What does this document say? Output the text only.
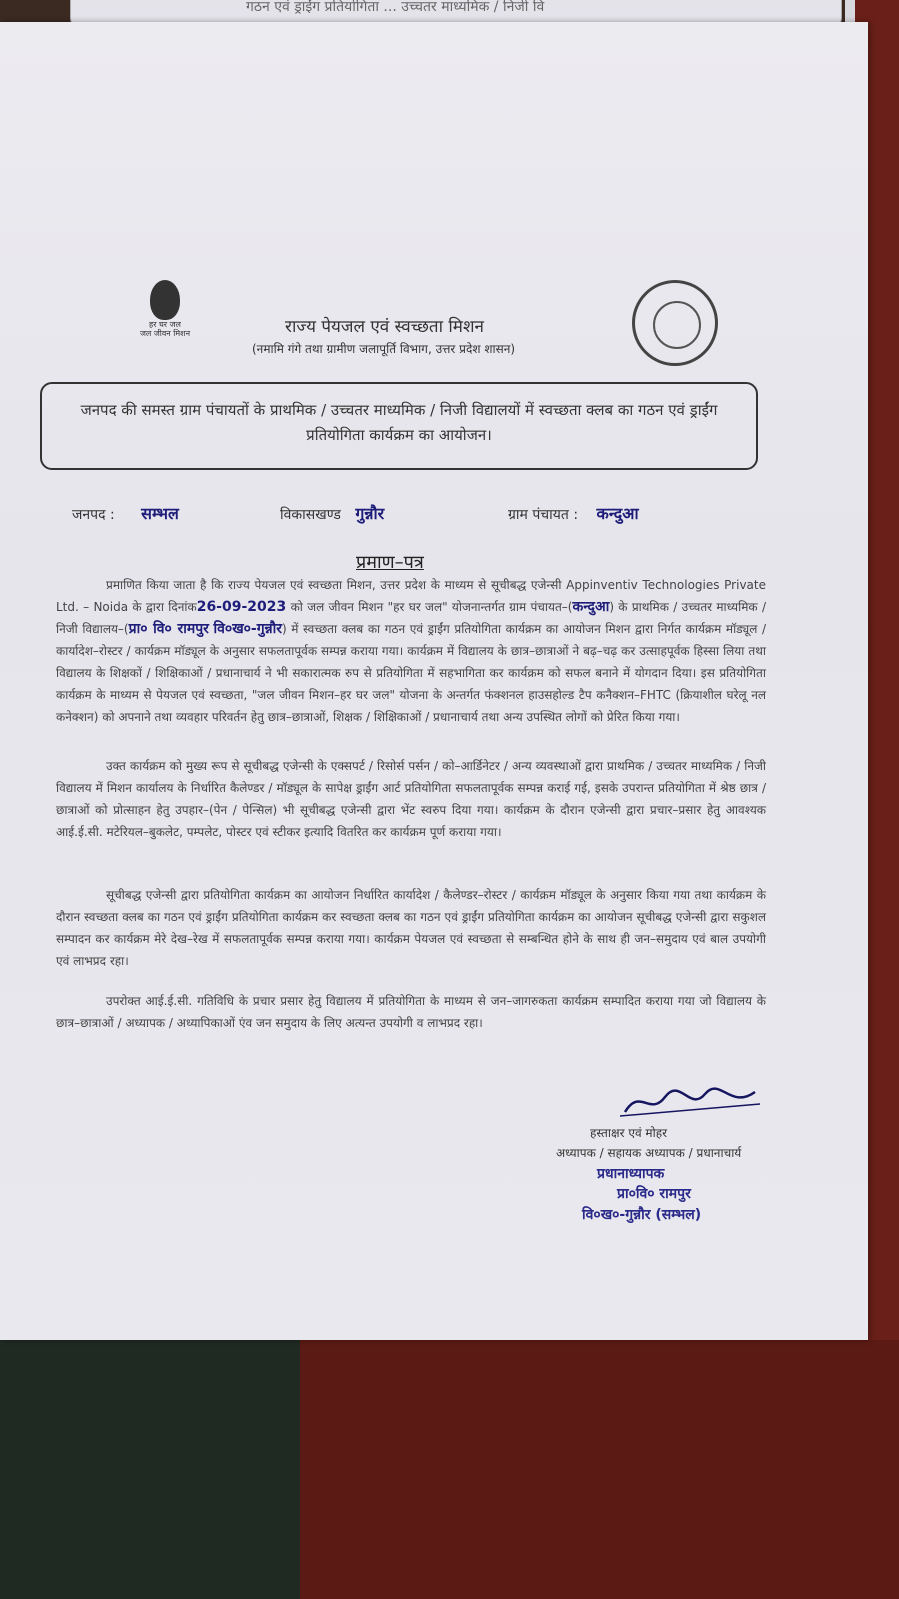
गठन एवं ड्राईंग प्रतियोगिता ... उच्चतर माध्यमिक / निजी वि
हर घर जल
जल जीवन मिशन	राज्य पेयजल एवं स्वच्छता मिशन
(नमामि गंगे तथा ग्रामीण जलापूर्ति विभाग, उत्तर प्रदेश शासन)
जनपद की समस्त ग्राम पंचायतों के प्राथमिक / उच्चतर माध्यमिक / निजी विद्यालयों में स्वच्छता क्लब का गठन एवं ड्राईंग प्रतियोगिता कार्यक्रम का आयोजन।
जनपद : सम्भल	विकासखण्ड गुन्नौर	ग्राम पंचायत : कन्दुआ
प्रमाण–पत्र
प्रमाणित किया जाता है कि राज्य पेयजल एवं स्वच्छता मिशन, उत्तर प्रदेश के माध्यम से सूचीबद्ध एजेन्सी Appinventiv Technologies Private Ltd. – Noida के द्वारा दिनांक26-09-2023 को जल जीवन मिशन "हर घर जल" योजनान्तर्गत ग्राम पंचायत–(कन्दुआ) के प्राथमिक / उच्चतर माध्यमिक / निजी विद्यालय–(प्रा० वि० रामपुर वि०ख०-गुन्नौर) में स्वच्छता क्लब का गठन एवं ड्राईंग प्रतियोगिता कार्यक्रम का आयोजन मिशन द्वारा निर्गत कार्यक्रम मॉड्यूल / कार्यादेश–रोस्टर / कार्यक्रम मॉड्यूल के अनुसार सफलतापूर्वक सम्पन्न कराया गया। कार्यक्रम में विद्यालय के छात्र–छात्राओं ने बढ़–चढ़ कर उत्साहपूर्वक हिस्सा लिया तथा विद्यालय के शिक्षकों / शिक्षिकाओं / प्रधानाचार्य ने भी सकारात्मक रुप से प्रतियोगिता में सहभागिता कर कार्यक्रम को सफल बनाने में योगदान दिया। इस प्रतियोगिता कार्यक्रम के माध्यम से पेयजल एवं स्वच्छता, "जल जीवन मिशन–हर घर जल" योजना के अन्तर्गत फंक्शनल हाउसहोल्ड टैप कनैक्शन–FHTC (क्रियाशील घरेलू नल कनेक्शन) को अपनाने तथा व्यवहार परिवर्तन हेतु छात्र–छात्राओं, शिक्षक / शिक्षिकाओं / प्रधानाचार्य तथा अन्य उपस्थित लोगों को प्रेरित किया गया।
उक्त कार्यक्रम को मुख्य रूप से सूचीबद्ध एजेन्सी के एक्सपर्ट / रिसोर्स पर्सन / को–आर्डिनेटर / अन्य व्यवस्थाओं द्वारा प्राथमिक / उच्चतर माध्यमिक / निजी विद्यालय में मिशन कार्यालय के निर्धारित कैलेण्डर / मॉड्यूल के सापेक्ष ड्राईंग आर्ट प्रतियोगिता सफलतापूर्वक सम्पन्न कराई गई, इसके उपरान्त प्रतियोगिता में श्रेष्ठ छात्र / छात्राओं को प्रोत्साहन हेतु उपहार–(पेन / पेन्सिल) भी सूचीबद्ध एजेन्सी द्वारा भेंट स्वरुप दिया गया। कार्यक्रम के दौरान एजेन्सी द्वारा प्रचार–प्रसार हेतु आवश्यक आई.ई.सी. मटेरियल–बुकलेट, पम्पलेट, पोस्टर एवं स्टीकर इत्यादि वितरित कर कार्यक्रम पूर्ण कराया गया।
सूचीबद्ध एजेन्सी द्वारा प्रतियोगिता कार्यक्रम का आयोजन निर्धारित कार्यादेश / कैलेण्डर–रोस्टर / कार्यक्रम मॉड्यूल के अनुसार किया गया तथा कार्यक्रम के दौरान स्वच्छता क्लब का गठन एवं ड्राईंग प्रतियोगिता कार्यक्रम कर स्वच्छता क्लब का गठन एवं ड्राईंग प्रतियोगिता कार्यक्रम का आयोजन सूचीबद्ध एजेन्सी द्वारा सकुशल सम्पादन कर कार्यक्रम मेरे देख–रेख में सफलतापूर्वक सम्पन्न कराया गया। कार्यक्रम पेयजल एवं स्वच्छता से सम्बन्धित होने के साथ ही जन–समुदाय एवं बाल उपयोगी एवं लाभप्रद रहा।
उपरोक्त आई.ई.सी. गतिविधि के प्रचार प्रसार हेतु विद्यालय में प्रतियोगिता के माध्यम से जन–जागरुकता कार्यक्रम सम्पादित कराया गया जो विद्यालय के छात्र–छात्राओं / अध्यापक / अध्यापिकाओं एंव जन समुदाय के लिए अत्यन्त उपयोगी व लाभप्रद रहा।
हस्ताक्षर एवं मोहर
अध्यापक / सहायक अध्यापक / प्रधानाचार्य
प्रधानाध्यापक
प्रा०वि० रामपुर
वि०ख०-गुन्नौर (सम्भल)
